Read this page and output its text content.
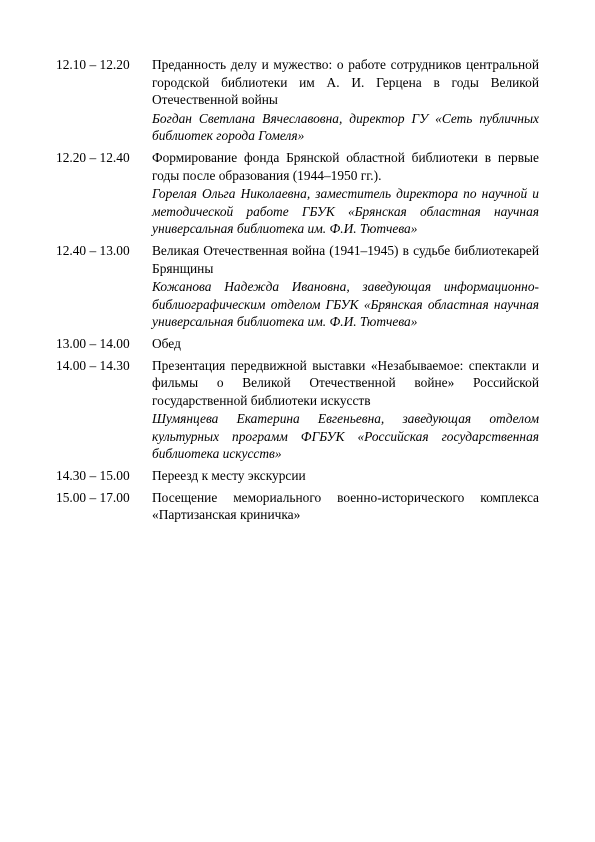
12.10 – 12.20	Преданность делу и мужество: о работе сотрудников центральной городской библиотеки им А. И. Герцена в годы Великой Отечественной войны
Богдан Светлана Вячеславовна, директор ГУ «Сеть публичных библиотек города Гомеля»
12.20 – 12.40	Формирование фонда Брянской областной библиотеки в первые годы после образования (1944–1950 гг.).
Горелая Ольга Николаевна, заместитель директора по научной и методической работе ГБУК «Брянская областная научная универсальная библиотека им. Ф.И. Тютчева»
12.40 – 13.00	Великая Отечественная война (1941–1945) в судьбе библиотекарей Брянщины
Кожанова Надежда Ивановна, заведующая информационно-библиографическим отделом ГБУК «Брянская областная научная универсальная библиотека им. Ф.И. Тютчева»
13.00 – 14.00	Обед
14.00 – 14.30	Презентация передвижной выставки «Незабываемое: спектакли и фильмы о Великой Отечественной войне» Российской государственной библиотеки искусств
Шумянцева Екатерина Евгеньевна, заведующая отделом культурных программ ФГБУК «Российская государственная библиотека искусств»
14.30 – 15.00	Переезд к месту экскурсии
15.00 – 17.00	Посещение мемориального военно-исторического комплекса «Партизанская криничка»
